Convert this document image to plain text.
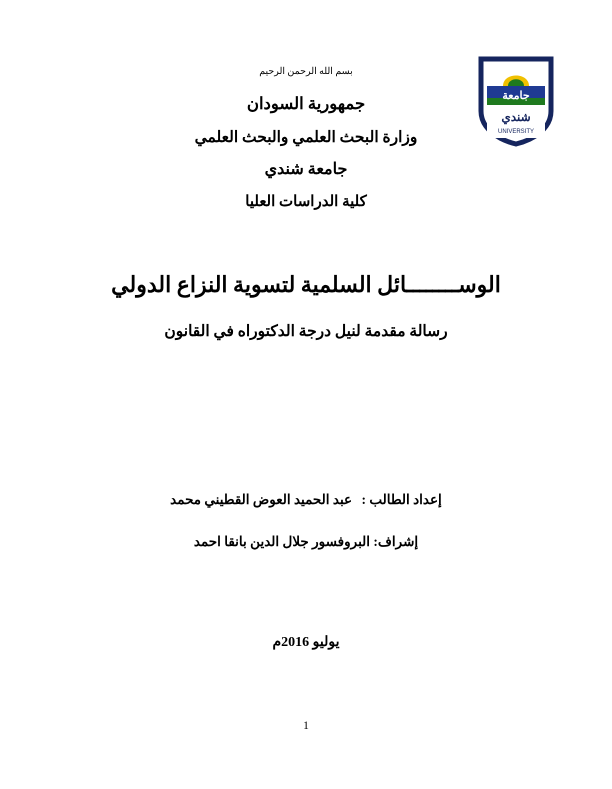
جامعة
شندي
UNIVERSITY
بسم الله الرحمن الرحيم
جمهورية السودان
وزارة البحث العلمي والبحث العلمي
جامعة شندي
كلية الدراسات العليا
الوســــــــائل السلمية لتسوية النزاع الدولي
رسالة مقدمة لنيل درجة الدكتوراه في القانون
إعداد الطالب : عبد الحميد العوض القطيني محمد
إشراف: البروفسور جلال الدين بانقا احمد
يوليو 2016م
1
